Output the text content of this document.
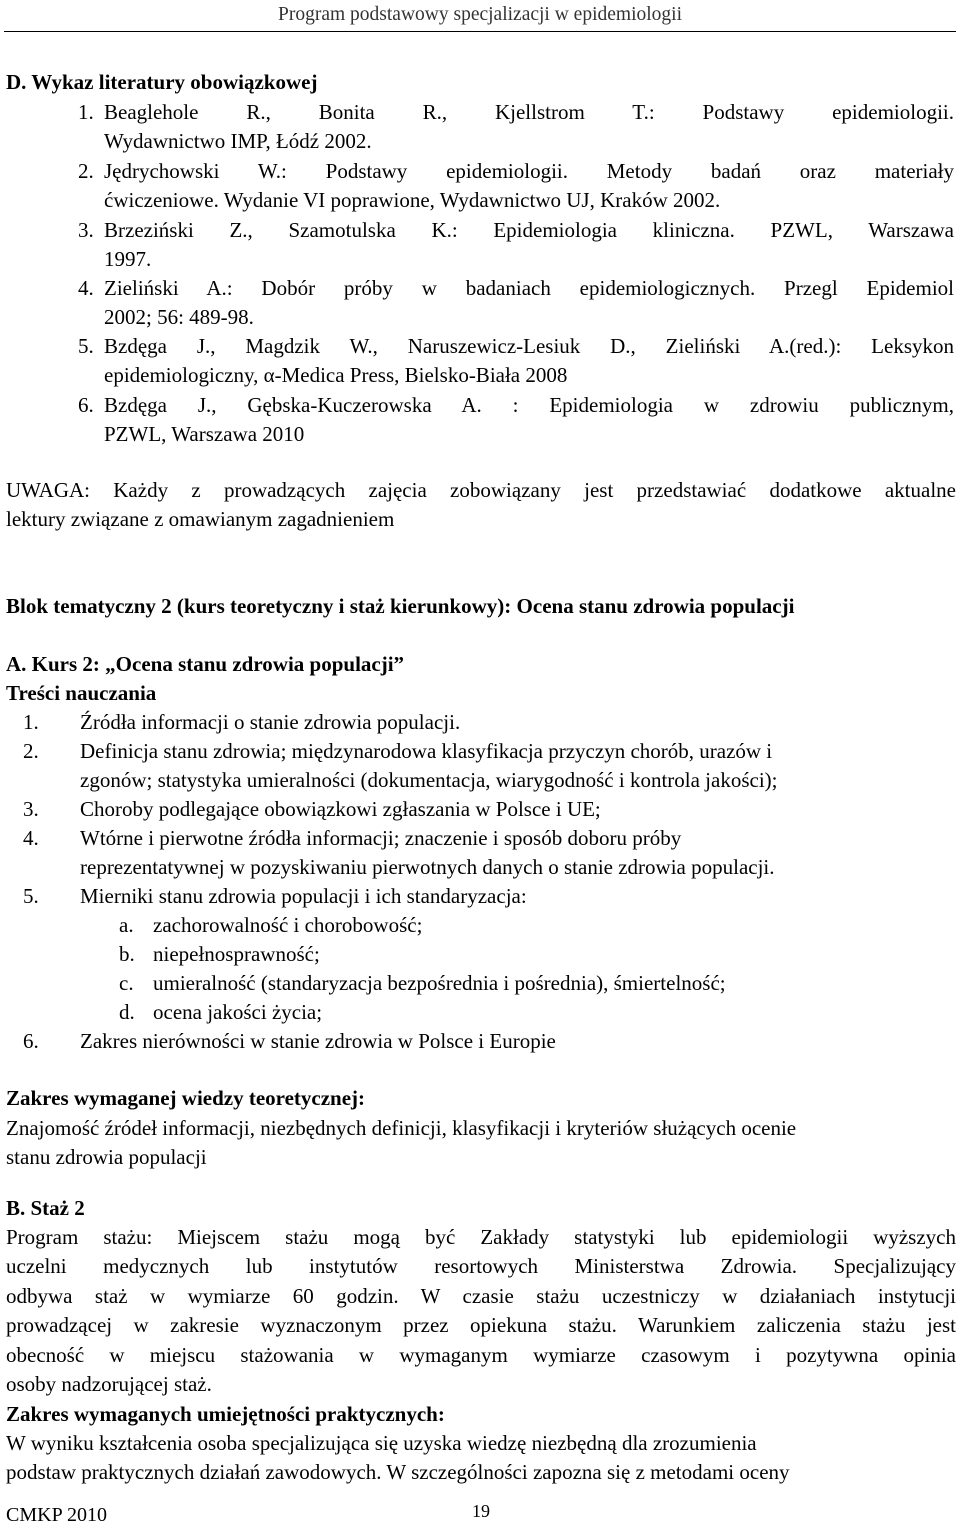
Program podstawowy specjalizacji w epidemiologii
D. Wykaz literatury obowiązkowej
1. Beaglehole R., Bonita R., Kjellstrom T.: Podstawy epidemiologii.
Wydawnictwo IMP, Łódź 2002.
2. Jędrychowski W.: Podstawy epidemiologii. Metody badań oraz materiały
ćwiczeniowe. Wydanie VI poprawione, Wydawnictwo UJ, Kraków 2002.
3. Brzeziński Z., Szamotulska K.: Epidemiologia kliniczna. PZWL, Warszawa
1997.
4. Zieliński A.: Dobór próby w badaniach epidemiologicznych. Przegl Epidemiol
2002; 56: 489-98.
5. Bzdęga J., Magdzik W., Naruszewicz-Lesiuk D., Zieliński A.(red.): Leksykon
epidemiologiczny, α-Medica Press, Bielsko-Biała 2008
6. Bzdęga J., Gębska-Kuczerowska A. : Epidemiologia w zdrowiu publicznym,
PZWL, Warszawa 2010
UWAGA: Każdy z prowadzących zajęcia zobowiązany jest przedstawiać dodatkowe aktualne
lektury związane z omawianym zagadnieniem
Blok tematyczny 2 (kurs teoretyczny i staż kierunkowy): Ocena stanu zdrowia populacji
A. Kurs 2: „Ocena stanu zdrowia populacji”
Treści nauczania
1. Źródła informacji o stanie zdrowia populacji.
2. Definicja stanu zdrowia; międzynarodowa klasyfikacja przyczyn chorób, urazów i
zgonów; statystyka umieralności (dokumentacja, wiarygodność i kontrola jakości);
3. Choroby podlegające obowiązkowi zgłaszania w Polsce i UE;
4. Wtórne i pierwotne źródła informacji; znaczenie i sposób doboru próby
reprezentatywnej w pozyskiwaniu pierwotnych danych o stanie zdrowia populacji.
5. Mierniki stanu zdrowia populacji i ich standaryzacja:
a. zachorowalność i chorobowość;
b. niepełnosprawność;
c. umieralność (standaryzacja bezpośrednia i pośrednia), śmiertelność;
d. ocena jakości życia;
6. Zakres nierówności w stanie zdrowia w Polsce i Europie
Zakres wymaganej wiedzy teoretycznej:
Znajomość źródeł informacji, niezbędnych definicji, klasyfikacji i kryteriów służących ocenie
stanu zdrowia populacji
B. Staż 2
Program stażu: Miejscem stażu mogą być Zakłady statystyki lub epidemiologii wyższych
uczelni medycznych lub instytutów resortowych Ministerstwa Zdrowia. Specjalizujący
odbywa staż w wymiarze 60 godzin. W czasie stażu uczestniczy w działaniach instytucji
prowadzącej w zakresie wyznaczonym przez opiekuna stażu. Warunkiem zaliczenia stażu jest
obecność w miejscu stażowania w wymaganym wymiarze czasowym i pozytywna opinia
osoby nadzorującej staż.
Zakres wymaganych umiejętności praktycznych:
W wyniku kształcenia osoba specjalizująca się uzyska wiedzę niezbędną dla zrozumienia
podstaw praktycznych działań zawodowych. W szczególności zapozna się z metodami oceny
CMKP 2010	19
